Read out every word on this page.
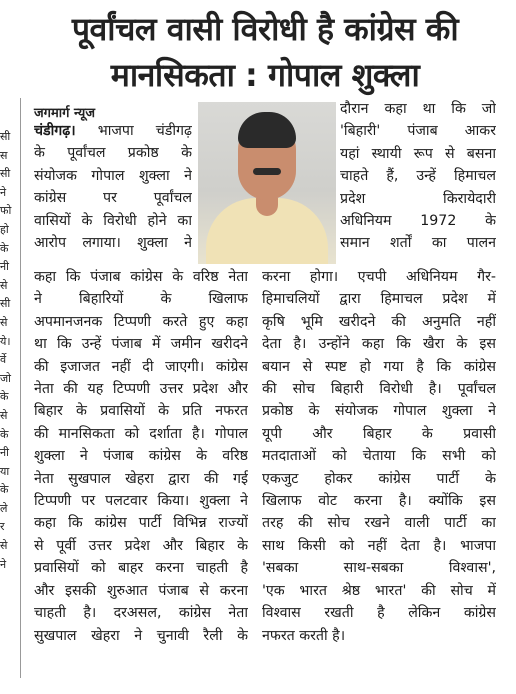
पूर्वांचल वासी विरोधी है कांग्रेस की
मानसिकता : गोपाल शुक्ला
सी
स
सी
ने
फो
हो
के
नी
से
सी
से
ये।
र्वे
जो
के
से
के
नी
या
के
ले
र
से
ने
जगमार्ग न्यूज
चंडीगढ़। भाजपा चंडीगढ़
के पूर्वांचल प्रकोष्ठ के
संयोजक गोपाल शुक्ला ने
कांग्रेस पर पूर्वांचल
वासियों के विरोधी होने का
आरोप लगाया। शुक्ला ने
कहा कि पंजाब कांग्रेस के वरिष्ठ नेता
ने बिहारियों के खिलाफ
अपमानजनक टिप्पणी करते हुए कहा
था कि उन्हें पंजाब में जमीन खरीदने
की इजाजत नहीं दी जाएगी। कांग्रेस
नेता की यह टिप्पणी उत्तर प्रदेश और
बिहार के प्रवासियों के प्रति नफरत
की मानसिकता को दर्शाता है। गोपाल
शुक्ला ने पंजाब कांग्रेस के वरिष्ठ
नेता सुखपाल खेहरा द्वारा की गई
टिप्पणी पर पलटवार किया। शुक्ला ने
कहा कि कांग्रेस पार्टी विभिन्न राज्यों
से पूर्वी उत्तर प्रदेश और बिहार के
प्रवासियों को बाहर करना चाहती है
और इसकी शुरुआत पंजाब से करना
चाहती है। दरअसल, कांग्रेस नेता
सुखपाल खेहरा ने चुनावी रैली के
दौरान कहा था कि जो
'बिहारी' पंजाब आकर
यहां स्थायी रूप से बसना
चाहते हैं, उन्हें हिमाचल
प्रदेश किरायेदारी
अधिनियम 1972 के
समान शर्तों का पालन
करना होगा। एचपी अधिनियम गैर-
हिमाचलियों द्वारा हिमाचल प्रदेश में
कृषि भूमि खरीदने की अनुमति नहीं
देता है। उन्होंने कहा कि खैरा के इस
बयान से स्पष्ट हो गया है कि कांग्रेस
की सोच बिहारी विरोधी है। पूर्वांचल
प्रकोष्ठ के संयोजक गोपाल शुक्ला ने
यूपी और बिहार के प्रवासी
मतदाताओं को चेताया कि सभी को
एकजुट होकर कांग्रेस पार्टी के
खिलाफ वोट करना है। क्योंकि इस
तरह की सोच रखने वाली पार्टी का
साथ किसी को नहीं देता है। भाजपा
'सबका साथ-सबका विश्वास',
'एक भारत श्रेष्ठ भारत' की सोच में
विश्वास रखती है लेकिन कांग्रेस
नफरत करती है।
